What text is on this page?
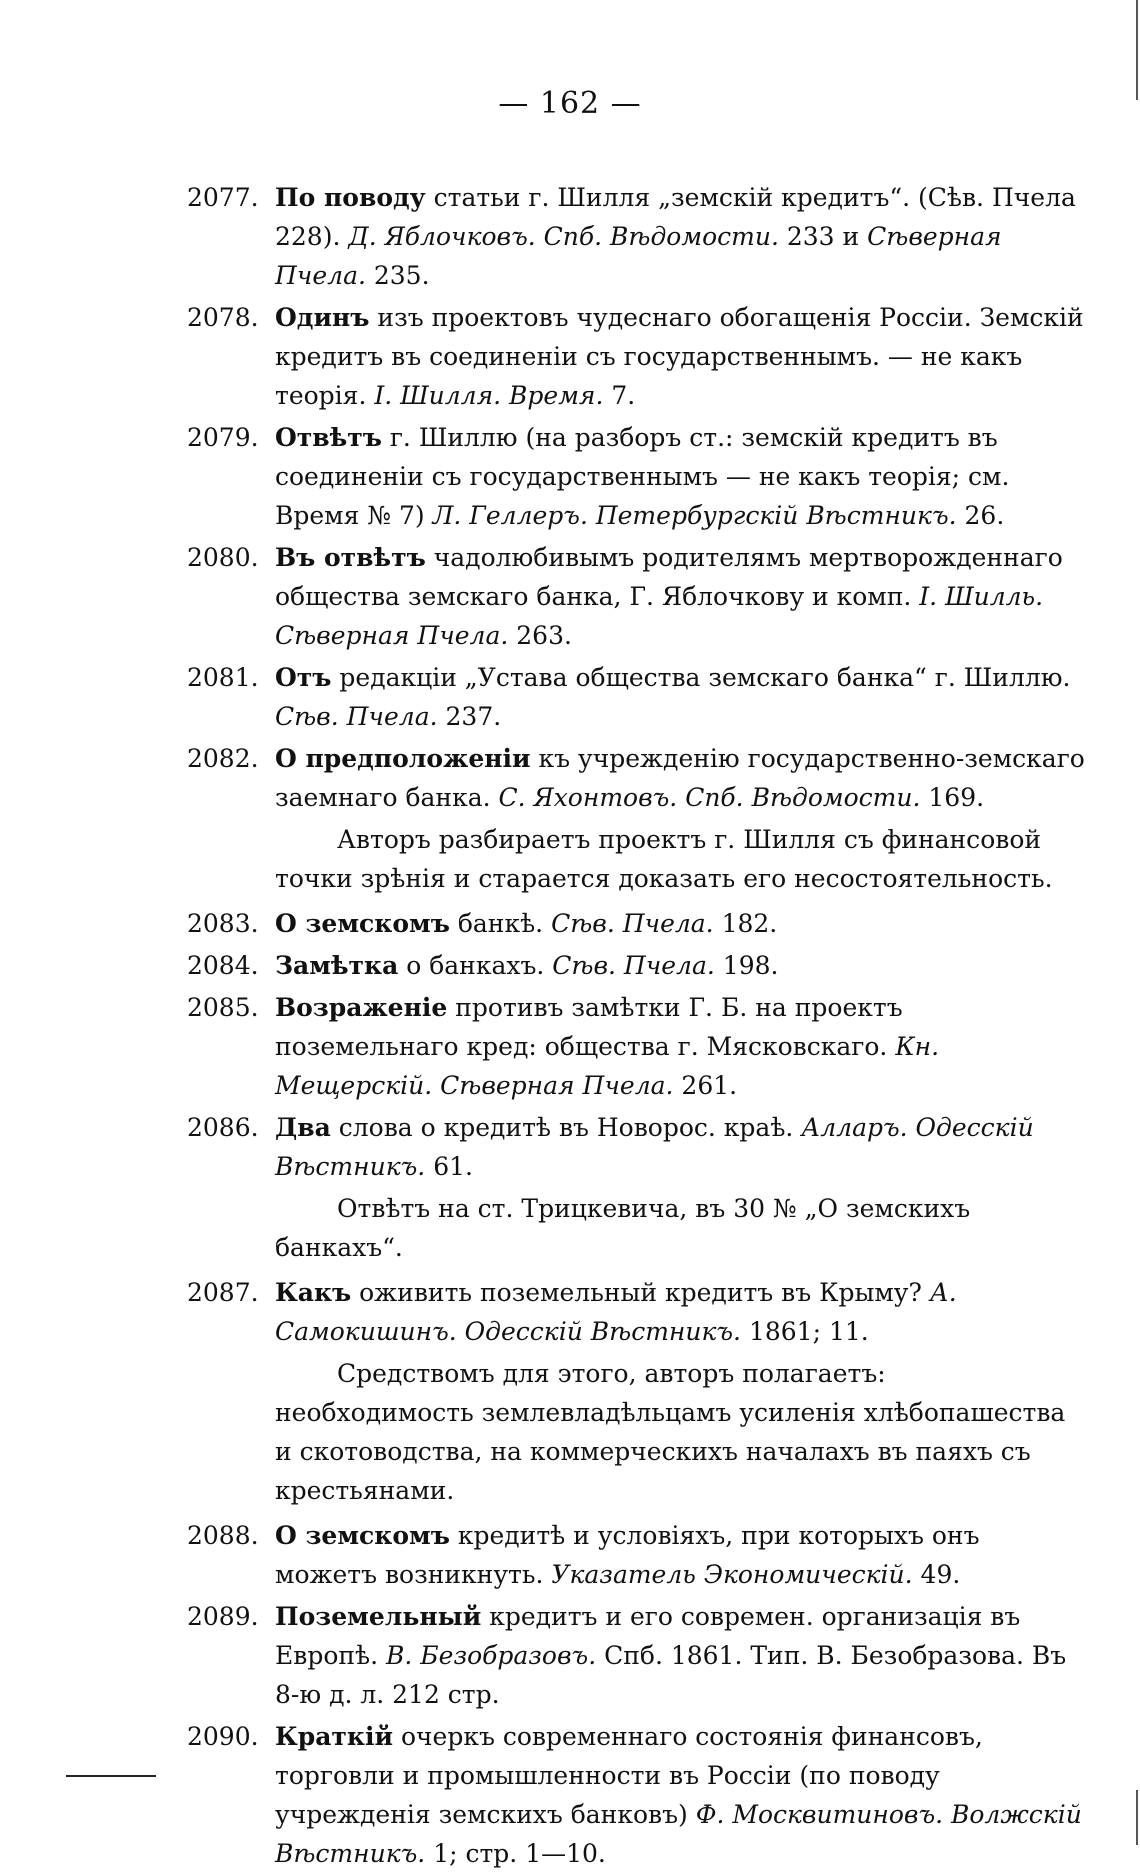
— 162 —
2077. По поводу статьи г. Шилля „земскій кредитъ“. (Сѣв. Пчела 228). Д. Яблочковъ. Спб. Вѣдомости. 233 и Сѣверная Пчела. 235.
2078. Одинъ изъ проектовъ чудеснаго обогащенія Россіи. Земскій кредитъ въ соединеніи съ государственнымъ. — не какъ теорія. I. Шилля. Время. 7.
2079. Отвѣтъ г. Шиллю (на разборъ ст.: земскій кредитъ въ соединеніи съ государственнымъ — не какъ теорія; см. Время № 7) Л. Геллеръ. Петербургскій Вѣстникъ. 26.
2080. Въ отвѣтъ чадолюбивымъ родителямъ мертворожденнаго общества земскаго банка, Г. Яблочкову и комп. I. Шилль. Сѣверная Пчела. 263.
2081. Отъ редакціи „Устава общества земскаго банка“ г. Шиллю. Сѣв. Пчела. 237.
2082. О предположеніи къ учрежденію государственно-земскаго заемнаго банка. С. Яхонтовъ. Спб. Вѣдомости. 169.
Авторъ разбираетъ проектъ г. Шилля съ финансовой точки зрѣнія и старается доказать его несостоятельность.
2083. О земскомъ банкѣ. Сѣв. Пчела. 182.
2084. Замѣтка о банкахъ. Сѣв. Пчела. 198.
2085. Возраженіе противъ замѣтки Г. Б. на проектъ поземельнаго кред: общества г. Мясковскаго. Кн. Мещерскій. Сѣверная Пчела. 261.
2086. Два слова о кредитѣ въ Новорос. краѣ. Алларъ. Одесскій Вѣстникъ. 61.
Отвѣтъ на ст. Трицкевича, въ 30 № „О земскихъ банкахъ“.
2087. Какъ оживить поземельный кредитъ въ Крыму? А. Самокишинъ. Одесскій Вѣстникъ. 1861; 11.
Средствомъ для этого, авторъ полагаетъ: необходимость землевладѣльцамъ усиленія хлѣбопашества и скотоводства, на коммерческихъ началахъ въ паяхъ съ крестьянами.
2088. О земскомъ кредитѣ и условіяхъ, при которыхъ онъ можетъ возникнуть. Указатель Экономическій. 49.
2089. Поземельный кредитъ и его современ. организація въ Европѣ. В. Безобразовъ. Спб. 1861. Тип. В. Безобразова. Въ 8-ю д. л. 212 стр.
2090. Краткій очеркъ современнаго состоянія финансовъ, торговли и промышленности въ Россіи (по поводу учрежденія земскихъ банковъ) Ф. Москвитиновъ. Волжскій Вѣстникъ. 1; стр. 1—10.
